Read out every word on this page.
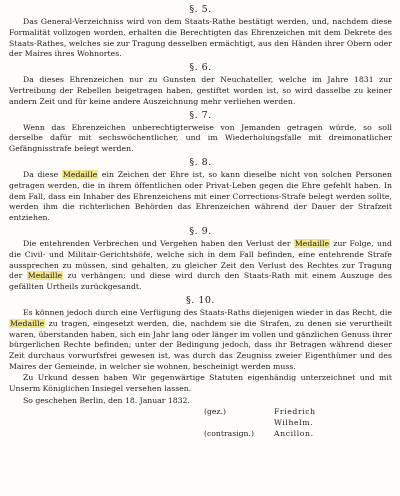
§. 5.

Das General-Verzeichniss wird von dem Staats-Rathe bestätigt werden, und, nachdem diese Formalität vollzogen worden, erhalten die Berechtigten das Ehrenzeichen mit dem Dekrete des Staats-Rathes, welches sie zur Tragung desselben ermächtigt, aus den Händen ihrer Obern oder der Maires ihres Wohnortes.

§. 6.

Da dieses Ehrenzeichen nur zu Gunsten der Neuchateller, welche im Jahre 1831 zur Vertreibung der Rebellen beigetragen haben, gestiftet worden ist, so wird dasselbe zu keiner andern Zeit und für keine andere Auszeichnung mehr verliehen werden.

§. 7.

Wenn das Ehrenzeichen unberechtigterweise von Jemanden getragen würde, so soll derselbe dafür mit sechswöchentlicher, und im Wiederholungsfalle mit dreimonatlicher Gefängnisstrafe belegt werden.

§. 8.

Da diese Medaille ein Zeichen der Ehre ist, so kann dieselbe nicht von solchen Personen getragen werden, die in ihrem öffentlichen oder Privat-Leben gegen die Ehre gefehlt haben. In dem Fall, dass ein Inhaber des Ehrenzeichens mit einer Corrections-Strafe belegt werden sollte, werden ihm die richterlichen Behörden das Ehrenzeichen während der Dauer der Strafzeit entziehen.

§. 9.

Die entehrenden Verbrechen und Vergehen haben den Verlust der Medaille zur Folge, und die Civil- und Militair-Gerichtshöfe, welche sich in dem Fall befinden, eine entehrende Strafe aussprechen zu müssen, sind gehalten, zu gleicher Zeit den Verlust des Rechtes zur Tragung der Medaille zu verhängen; und diese wird durch den Staats-Rath mit einem Auszuge des gefällten Urtheils zurückgesandt.

§. 10.

Es können jedoch durch eine Verfügung des Staats-Raths diejenigen wieder in das Recht, die Medaille zu tragen, eingesetzt werden, die, nachdem sie die Strafen, zu denen sie verurtheilt waren, überstanden haben, sich ein Jahr lang oder länger im vollen und gänzlichen Genuss ihrer bürgerlichen Rechte befinden; unter der Bedingung jedoch, dass ihr Betragen während dieser Zeit durchaus vorwurfsfrei gewesen ist, was durch das Zeugniss zweier Eigenthümer und des Maires der Gemeinde, in welcher sie wohnen, bescheinigt werden muss.

Zu Urkund dessen haben Wir gegenwärtige Statuten eigenhändig unterzeichnet und mit Unserm Königlichen Insiegel versehen lassen.

So geschehen Berlin, den 18. Januar 1832.

(gez.)	Friedrich Wilhelm.
(contrasign.)	Ancillon.
